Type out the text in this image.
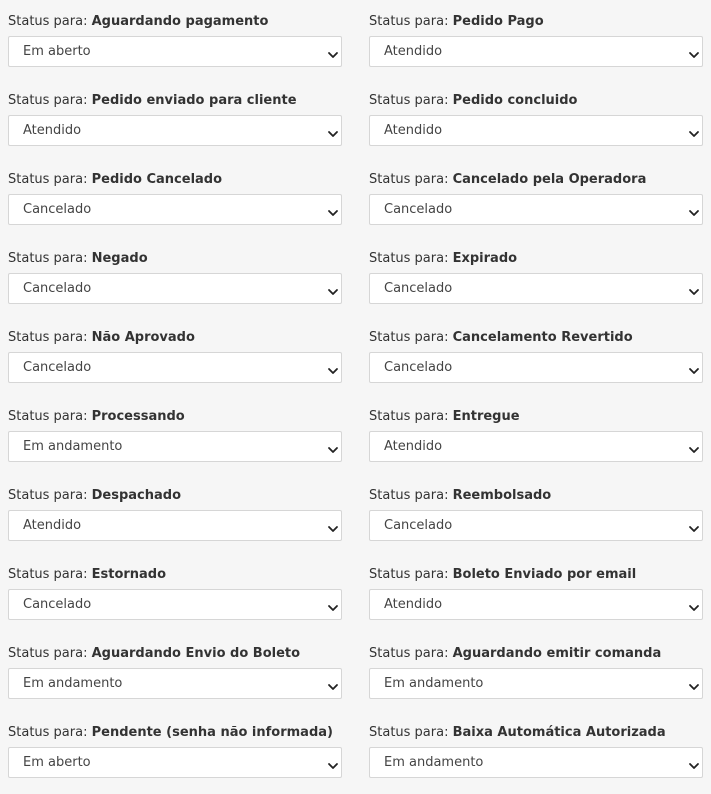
Status para: Aguardando pagamento
Em aberto
Status para: Pedido Pago
Atendido
Status para: Pedido enviado para cliente
Atendido
Status para: Pedido concluido
Atendido
Status para: Pedido Cancelado
Cancelado
Status para: Cancelado pela Operadora
Cancelado
Status para: Negado
Cancelado
Status para: Expirado
Cancelado
Status para: Não Aprovado
Cancelado
Status para: Cancelamento Revertido
Cancelado
Status para: Processando
Em andamento
Status para: Entregue
Atendido
Status para: Despachado
Atendido
Status para: Reembolsado
Cancelado
Status para: Estornado
Cancelado
Status para: Boleto Enviado por email
Atendido
Status para: Aguardando Envio do Boleto
Em andamento
Status para: Aguardando emitir comanda
Em andamento
Status para: Pendente (senha não informada)
Em aberto
Status para: Baixa Automática Autorizada
Em andamento
